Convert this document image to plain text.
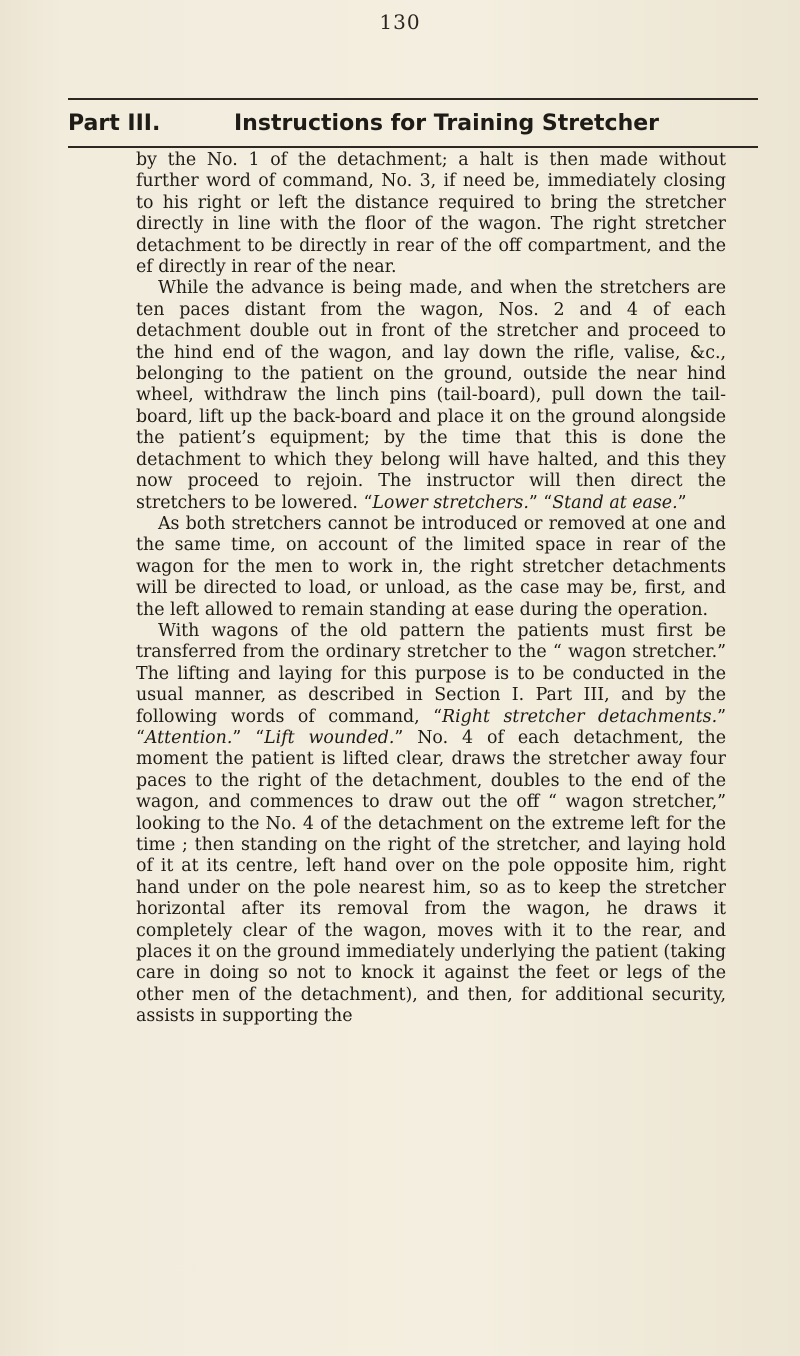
130
Part III.	Instructions for Training Stretcher

by the No. 1 of the detachment; a halt is then made without further word of command, No. 3, if need be, immediately closing to his right or left the distance required to bring the stretcher directly in line with the floor of the wagon. The right stretcher detachment to be directly in rear of the off compartment, and the ef directly in rear of the near.

While the advance is being made, and when the stretchers are ten paces distant from the wagon, Nos. 2 and 4 of each detachment double out in front of the stretcher and proceed to the hind end of the wagon, and lay down the rifle, valise, &c., belonging to the patient on the ground, outside the near hind wheel, withdraw the linch pins (tail-board), pull down the tail-board, lift up the back-board and place it on the ground alongside the patient’s equipment; by the time that this is done the detachment to which they belong will have halted, and this they now proceed to rejoin. The instructor will then direct the stretchers to be lowered. “Lower stretchers.” “Stand at ease.”

As both stretchers cannot be introduced or removed at one and the same time, on account of the limited space in rear of the wagon for the men to work in, the right stretcher detachments will be directed to load, or unload, as the case may be, first, and the left allowed to remain standing at ease during the operation.

With wagons of the old pattern the patients must first be transferred from the ordinary stretcher to the “ wagon stretcher.” The lifting and laying for this purpose is to be conducted in the usual manner, as described in Section I. Part III, and by the following words of command, “Right stretcher detachments.” “Attention.” “Lift wounded.” No. 4 of each detachment, the moment the patient is lifted clear, draws the stretcher away four paces to the right of the detachment, doubles to the end of the wagon, and commences to draw out the off “ wagon stretcher,” looking to the No. 4 of the detachment on the extreme left for the time ; then standing on the right of the stretcher, and laying hold of it at its centre, left hand over on the pole opposite him, right hand under on the pole nearest him, so as to keep the stretcher horizontal after its removal from the wagon, he draws it completely clear of the wagon, moves with it to the rear, and places it on the ground immediately underlying the patient (taking care in doing so not to knock it against the feet or legs of the other men of the detachment), and then, for additional security, assists in supporting the
